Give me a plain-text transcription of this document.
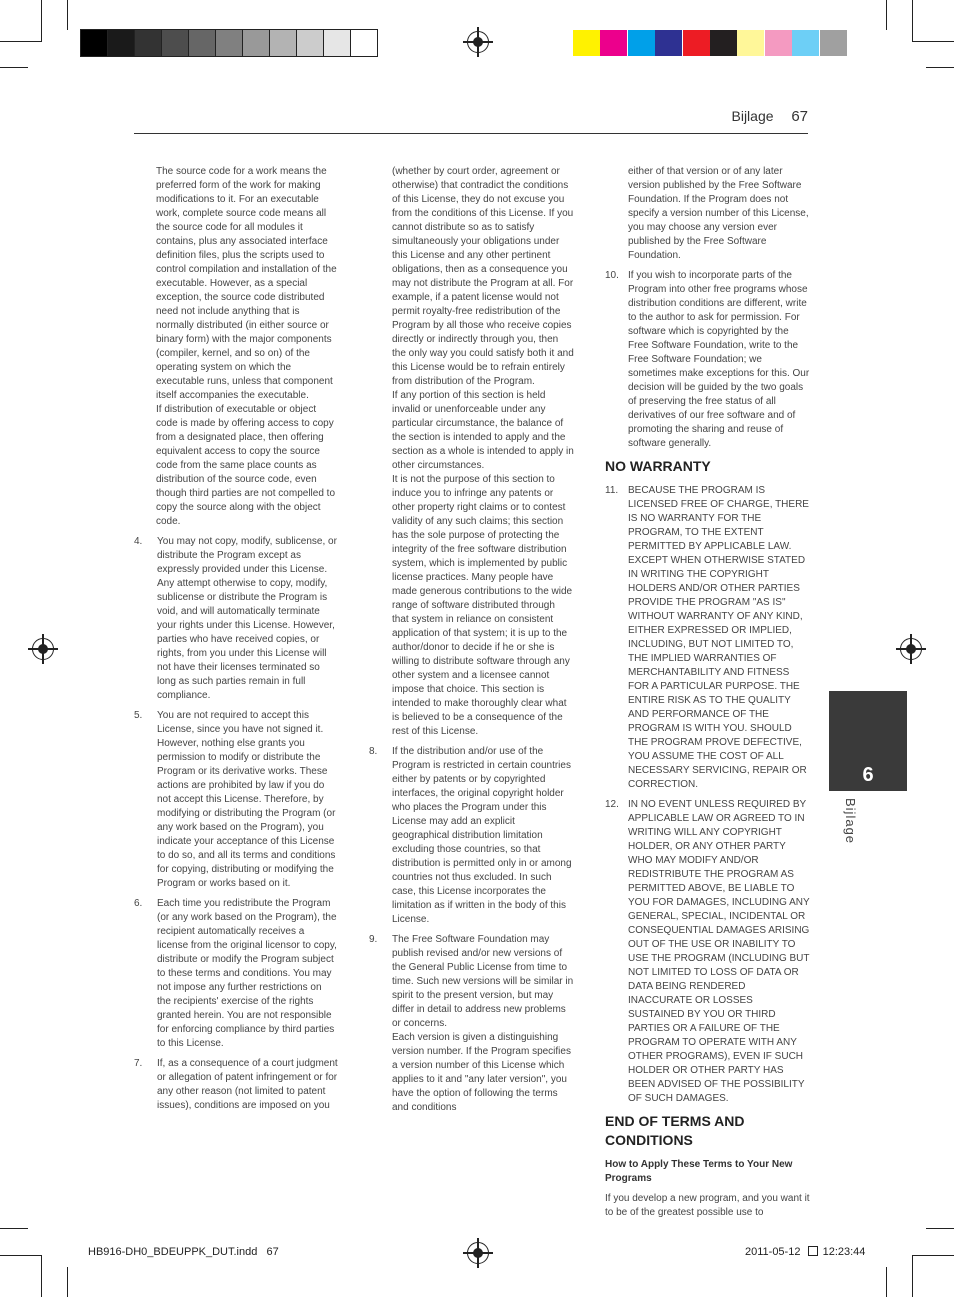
Bijlage 67
6
Bijlage

The source code for a work means the preferred form of the work for making modifications to it. For an executable work, complete source code means all the source code for all modules it contains, plus any associated interface definition files, plus the scripts used to control compilation and installation of the executable. However, as a special exception, the source code distributed need not include anything that is normally distributed (in either source or binary form) with the major components (compiler, kernel, and so on) of the operating system on which the executable runs, unless that component itself accompanies the executable.

If distribution of executable or object code is made by offering access to copy from a designated place, then offering equivalent access to copy the source code from the same place counts as distribution of the source code, even though third parties are not compelled to copy the source along with the object code.

4. You may not copy, modify, sublicense, or distribute the Program except as expressly provided under this License. Any attempt otherwise to copy, modify, sublicense or distribute the Program is void, and will automatically terminate your rights under this License. However, parties who have received copies, or rights, from you under this License will not have their licenses terminated so long as such parties remain in full compliance.

5. You are not required to accept this License, since you have not signed it. However, nothing else grants you permission to modify or distribute the Program or its derivative works. These actions are prohibited by law if you do not accept this License. Therefore, by modifying or distributing the Program (or any work based on the Program), you indicate your acceptance of this License to do so, and all its terms and conditions for copying, distributing or modifying the Program or works based on it.

6. Each time you redistribute the Program (or any work based on the Program), the recipient automatically receives a license from the original licensor to copy, distribute or modify the Program subject to these terms and conditions. You may not impose any further restrictions on the recipients' exercise of the rights granted herein. You are not responsible for enforcing compliance by third parties to this License.

7. If, as a consequence of a court judgment or allegation of patent infringement or for any other reason (not limited to patent issues), conditions are imposed on you

(whether by court order, agreement or otherwise) that contradict the conditions of this License, they do not excuse you from the conditions of this License. If you cannot distribute so as to satisfy simultaneously your obligations under this License and any other pertinent obligations, then as a consequence you may not distribute the Program at all. For example, if a patent license would not permit royalty-free redistribution of the Program by all those who receive copies directly or indirectly through you, then the only way you could satisfy both it and this License would be to refrain entirely from distribution of the Program.

If any portion of this section is held invalid or unenforceable under any particular circumstance, the balance of the section is intended to apply and the section as a whole is intended to apply in other circumstances.

It is not the purpose of this section to induce you to infringe any patents or other property right claims or to contest validity of any such claims; this section has the sole purpose of protecting the integrity of the free software distribution system, which is implemented by public license practices. Many people have made generous contributions to the wide range of software distributed through that system in reliance on consistent application of that system; it is up to the author/donor to decide if he or she is willing to distribute software through any other system and a licensee cannot impose that choice. This section is intended to make thoroughly clear what is believed to be a consequence of the rest of this License.

8. If the distribution and/or use of the Program is restricted in certain countries either by patents or by copyrighted interfaces, the original copyright holder who places the Program under this License may add an explicit geographical distribution limitation excluding those countries, so that distribution is permitted only in or among countries not thus excluded. In such case, this License incorporates the limitation as if written in the body of this License.

9. The Free Software Foundation may publish revised and/or new versions of the General Public License from time to time. Such new versions will be similar in spirit to the present version, but may differ in detail to address new problems or concerns.

Each version is given a distinguishing version number. If the Program specifies a version number of this License which applies to it and "any later version", you have the option of following the terms and conditions

either of that version or of any later version published by the Free Software Foundation. If the Program does not specify a version number of this License, you may choose any version ever published by the Free Software Foundation.

10. If you wish to incorporate parts of the Program into other free programs whose distribution conditions are different, write to the author to ask for permission. For software which is copyrighted by the Free Software Foundation, write to the Free Software Foundation; we sometimes make exceptions for this. Our decision will be guided by the two goals of preserving the free status of all derivatives of our free software and of promoting the sharing and reuse of software generally.

NO WARRANTY
11. BECAUSE THE PROGRAM IS LICENSED FREE OF CHARGE, THERE IS NO WARRANTY FOR THE PROGRAM, TO THE EXTENT PERMITTED BY APPLICABLE LAW. EXCEPT WHEN OTHERWISE STATED IN WRITING THE COPYRIGHT HOLDERS AND/OR OTHER PARTIES PROVIDE THE PROGRAM "AS IS" WITHOUT WARRANTY OF ANY KIND, EITHER EXPRESSED OR IMPLIED, INCLUDING, BUT NOT LIMITED TO, THE IMPLIED WARRANTIES OF MERCHANTABILITY AND FITNESS FOR A PARTICULAR PURPOSE. THE ENTIRE RISK AS TO THE QUALITY AND PERFORMANCE OF THE PROGRAM IS WITH YOU. SHOULD THE PROGRAM PROVE DEFECTIVE, YOU ASSUME THE COST OF ALL NECESSARY SERVICING, REPAIR OR CORRECTION.

12. IN NO EVENT UNLESS REQUIRED BY APPLICABLE LAW OR AGREED TO IN WRITING WILL ANY COPYRIGHT HOLDER, OR ANY OTHER PARTY WHO MAY MODIFY AND/OR REDISTRIBUTE THE PROGRAM AS PERMITTED ABOVE, BE LIABLE TO YOU FOR DAMAGES, INCLUDING ANY GENERAL, SPECIAL, INCIDENTAL OR CONSEQUENTIAL DAMAGES ARISING OUT OF THE USE OR INABILITY TO USE THE PROGRAM (INCLUDING BUT NOT LIMITED TO LOSS OF DATA OR DATA BEING RENDERED INACCURATE OR LOSSES SUSTAINED BY YOU OR THIRD PARTIES OR A FAILURE OF THE PROGRAM TO OPERATE WITH ANY OTHER PROGRAMS), EVEN IF SUCH HOLDER OR OTHER PARTY HAS BEEN ADVISED OF THE POSSIBILITY OF SUCH DAMAGES.

END OF TERMS AND CONDITIONS
How to Apply These Terms to Your New Programs

If you develop a new program, and you want it to be of the greatest possible use to

HB916-DH0_BDEUPPK_DUT.indd   67	2011-05-12 12:23:44
